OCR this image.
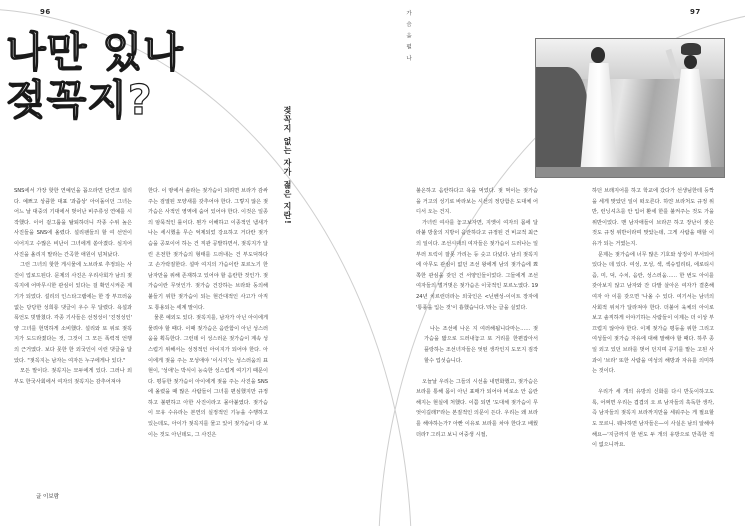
96	97
나만 있나
젖꼭지?
젖꼭지 없는 자가 젊은 지란!
가 슴 을 펼 나

SNS에서 가장 핫한 연예인을 꼽으라면 단연코 설리다. 예쁘고 상큼한 대표 '과즙상' 아이돌이던 그녀는 어느 날 대중의 기대에서 벗어난 비주류성 연예를 시작했다. 이어 겉그룹을 탈퇴하더니 각종 수위 높은 사진들을 SNS에 올렸다. 설리팬들의 할 여 선언이 이어지고 수많은 비난이 그녀에게 쏟아졌다. 심지어 사진을 올리지 말라는 간곡한 애원이 넘쳐났다.

그런 그녀의 핫한 게시물에 노브라로 추정되는 사진이 업로드된다. 문제의 사진은 우리사회가 남의 젖꼭지에 어마무시한 관심이 있다는 걸 확인시켜준 계기가 되었다. 설리의 인스타그램에는 한 장 부끄러움 없는 당당한 성희롱 댓글이 우수 무 달렸다. 욕설과 폭언도 빗발쳤다. 각종 기사들은 선정성이 '진정성인' 양 그녀를 헌벅하게 소비했다. 설리와 또 위로 젖꼭지가 도드라졌다는 것, 그것이 그 모든 폭력적 언행의 근거였다. 보다 못한 한 외국인이 이런 댓글을 달았다. "젖꼭지는 남자는 여자든 누구에게나 있다."

모든 말이다. 젖꼭지는 모두에게 있다. 그러나 외부도 한국사회에서 여자의 젖꼭지는 감추어져야

한다. 이 땅에서 솔라는 젖가슴이 되려면 브라가 감싸주는 검열된 모양새를 갖추어야 한다. 그렇지 않은 젖가슴은 사적인 영역에 숨어 있어야 한다. 이것은 일종의 암묵적인 룰이다. 뭔가 이해하고 이종적인 냄새가 나는 세시했을 무슨 억제되었 강요하고 거다란 젖가슴을 공포이어 하는 건 직관 공발하면서, 젖꼭지가 달린 온전한 젖가슴의 형태를 드러내는 건 부도덕하다고 손가락질한다. 설마 여지의 가슴이란 포르노기 한 남자만을 위해 존재하고 있어야 할 음란한 것인가. 젖가슴이란 무엇인가. 젖가슴 건강하는 브라와 동의해 붙들기 위한 젖가슴이 되는 현간대적인 사고가 아직도 통용되는 세계 말이다.

물론 예외도 있다. 젖꼭지를, 남자가 아닌 아이에게 물려야 할 때다. 이때 젖가슴은 음란함이 아닌 성스러움을 획득한다. 그런데 이 성스러운 젖가슴이 계속 성스럽기 위해서는 성정적인 아이지가 되어야 한다. 아이에게 젖을 주는 모성애야 '이시지'는 성스러움의 표현이, '성애'는 박식이 능숙한 성스럽게 여기기 때문이다. 평등한 젖가슴이 아이에게 젖을 주는 사진을 SNS에 올렸을 때 많은 사람들이 그녀를 편심했지만 규정하고 불편하고 아한 사진이라고 몰아붙였다. 젖가슴이 모유 수유라는 본연의 실정적인 기능을 수행하고 있는데도, 아이가 젖꼭지를 물고 있어 젖가슴이 다 보이는 것도 아닌데도, 그 사진은

글 이보람

불온하고 음란하다고 욕을 먹었다. 젖 먹이는 젖가슴 을 거고의 성기로 바라보는 시선의 정당함은 도대체 어디서 오는 건지.

가녀린 여사를 놓고보자면, 지옛이 여자의 몸에 달라붙 방울의 지방이 음란하다고 규정된 건 비교적 최근의 일이다. 조선시대의 여자들은 젖가슴이 드러나는 일부러 트릭이 잘못 가리는 등 숫고 다녔다. 남의 젖꼭지에 아무도 관심이 없던 조선 왕에게 남의 젖가슴에 뾰쪽한 관심을 갖던 건 서양인들이었다. 그들에게 조선 여자들의 벌거벗은 젖가슴은 이국적인 포르노였다. 1924년 치르런더라는 외국인은 <닌벤성-이이트 장자에 '통풍을 입는 것'이 흉했습니다.'라는 글을 실었다.

나는 조선에 나온 지 여러해됩니다마는…… 젖가슴을 밟으로 드러내놓고 또 거리를 한편잡아서 플랑하는 조선녀자들은 엇떤 생각인지 도모지 짐작할수 업섯습니다.

오늘날 우리는 그들의 시선을 내면화했고, 젖가슴은 브라를 통해 몸이 아닌 표매가 되어야 비로소 안 음란해지는 현실에 처했다. 이쯤 되면 '도대체 젖가슴이 무엇이길래?'라는 본질적인 의문이 든다. 우리는 왜 브라를 해야하는가? 아빤 이유로 브라를 차야 한다고 배웠더라? 그리고 보니 어중생 시절,

하던 브래지어를 하고 학교에 갔다가 선생님한테 등짝을 세게 맞았던 일이 떠오른다. 하얀 브라처도 규정 위반, 런닝셔츠를 안 입어 환세 한를 불켜주는 것도 가을 위반이었다. 맨 남자애들이 브라끈 하고 장난이 잦은 것도 규정 위반이라며 맞았는데, 그게 사람을 매할 이유가 되는 거였는지.

문제는 젖가슴에 너무 많은 기호와 상징이 부서되어 있다는 데 있다. 여성, 모성, 섹, 섹슈얼리티, 에로티시즘, 미, 덕, 수치, 음란, 성스러움…… 한 번도 아이를 갖아보지 않고 남자와 잔 다발 살아온 여자가 결혼해 여자 아 이를 갖으면 '나올 수 있다. 여기서는 남녀의 사회적 위치가 달라져야 한다. 더불어 육체의 아이로 보고 솔직하게 이야기하는 사람들이 이제는 더 이상 부끄럽지 않아야 한다. 이제 젖가슴 평등을 위한 그리고 여성들이 젖가슴 자유에 대해 말해야 할 때다. 하루 종일 외고 있던 브라를 벗어 던지며 공기를 맡는 고된 사과이 '브라' 또한 사람을 여성의 해방과 자유를 의미하는 것이다.

우리가 세 개의 유방의 신화를 다시 반듯이하고도록, 어쩌면 우리는 겹겹의 오 르 남자들의 혹독한 생각, 즉 남자들의 젖꼭지 브라까지만을 세워주는 게 필요할 도 모르니. 웨나하면 남자들은—이 사실은 남의 알해야 해요—'지금까지 한 번도 두 개의 유방으로 만족한 적이 없으니까요.
